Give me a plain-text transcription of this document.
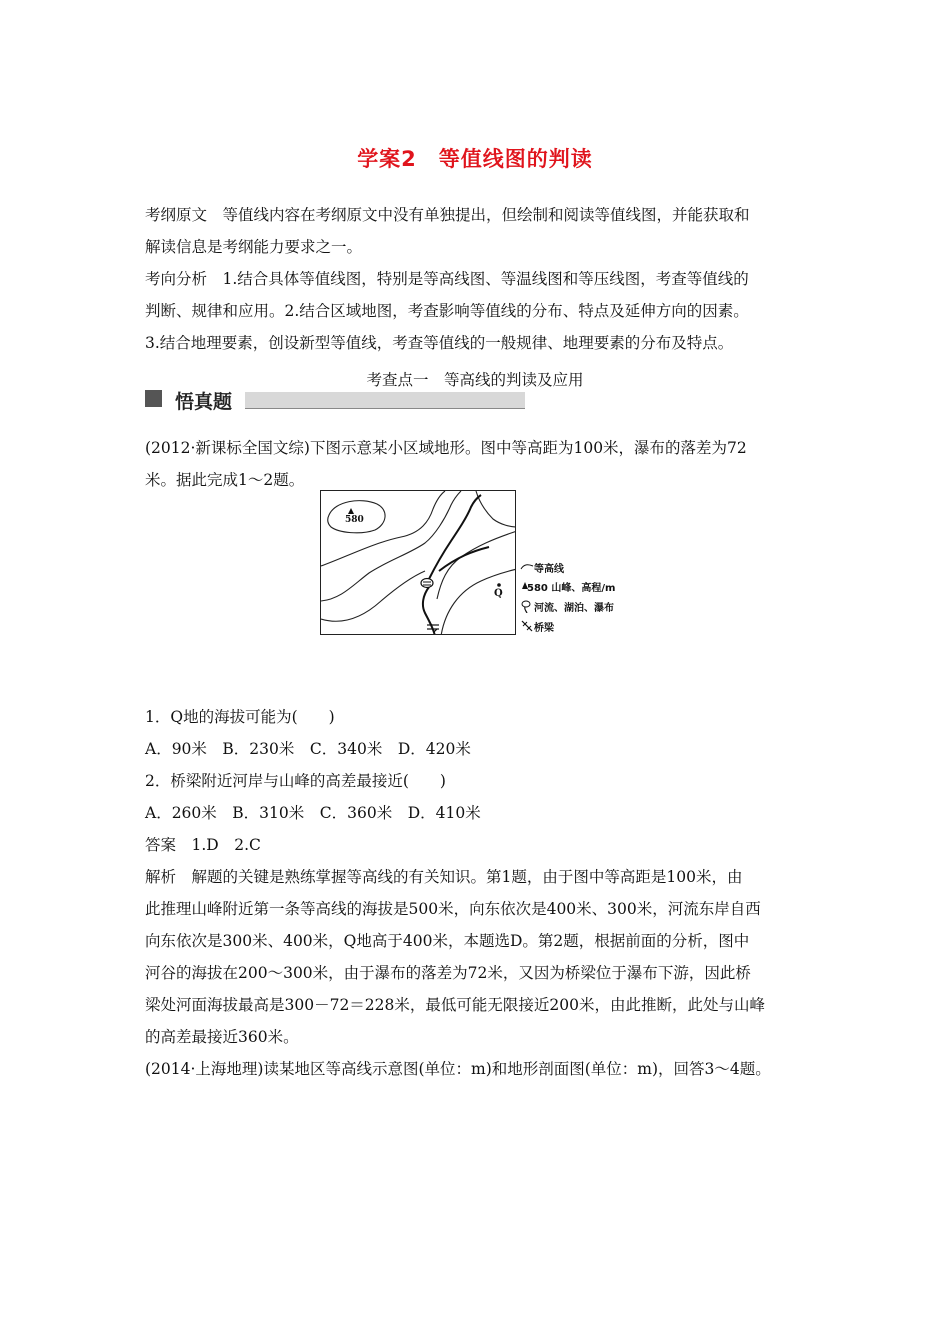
学案2　等值线图的判读
考纲原文　等值线内容在考纲原文中没有单独提出，但绘制和阅读等值线图，并能获取和
解读信息是考纲能力要求之一。
考向分析　1.结合具体等值线图，特别是等高线图、等温线图和等压线图，考查等值线的
判断、规律和应用。2.结合区域地图，考查影响等值线的分布、特点及延伸方向的因素。
3.结合地理要素，创设新型等值线，考查等值线的一般规律、地理要素的分布及特点。
考查点一　等高线的判读及应用
悟真题
(2012·新课标全国文综)下图示意某小区域地形。图中等高距为100米，瀑布的落差为72
米。据此完成1～2题。
580
Q
等高线
580 山峰、高程/m
河流、湖泊、瀑布
桥梁
1．Q地的海拔可能为(　　)
A．90米　B．230米　C．340米　D．420米
2．桥梁附近河岸与山峰的高差最接近(　　)
A．260米　B．310米　C．360米　D．410米
答案　1.D　2.C
解析　解题的关键是熟练掌握等高线的有关知识。第1题，由于图中等高距是100米，由
此推理山峰附近第一条等高线的海拔是500米，向东依次是400米、300米，河流东岸自西
向东依次是300米、400米，Q地高于400米，本题选D。第2题，根据前面的分析，图中
河谷的海拔在200～300米，由于瀑布的落差为72米，又因为桥梁位于瀑布下游，因此桥
梁处河面海拔最高是300－72＝228米，最低可能无限接近200米，由此推断，此处与山峰
的高差最接近360米。
(2014·上海地理)读某地区等高线示意图(单位：m)和地形剖面图(单位：m)，回答3～4题。
